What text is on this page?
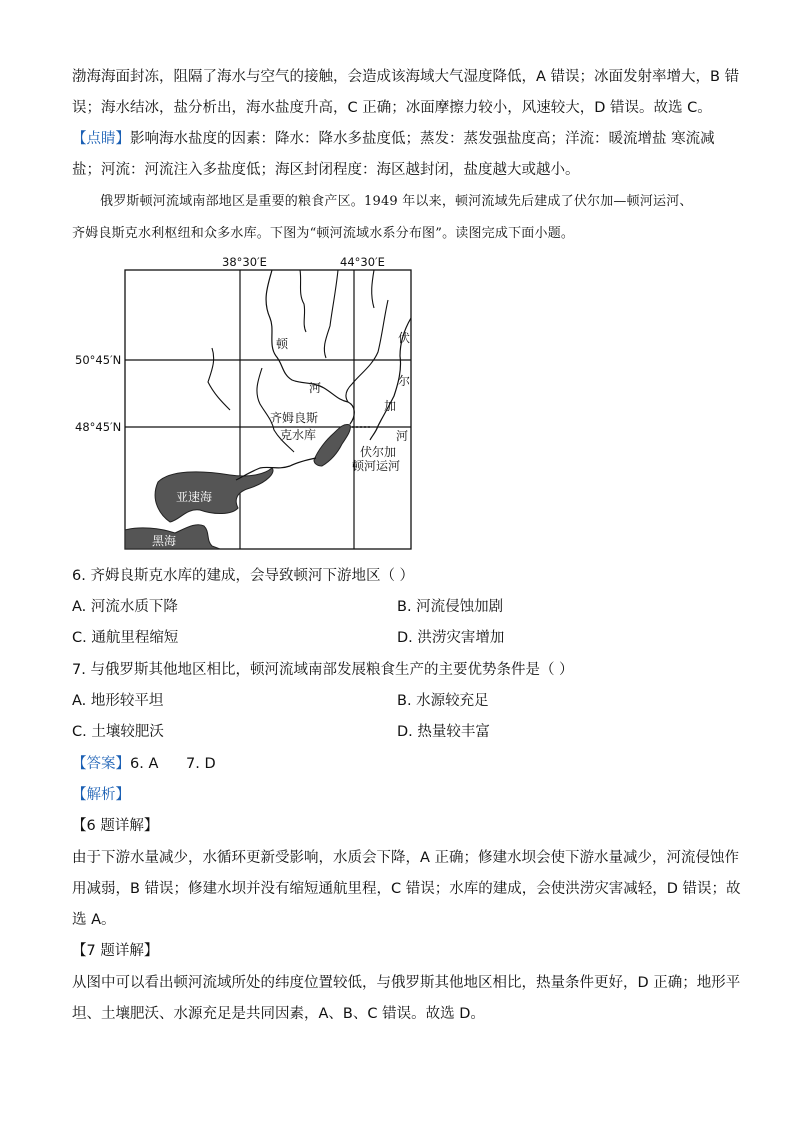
渤海海面封冻，阻隔了海水与空气的接触，会造成该海域大气湿度降低，A 错误；冰面发射率增大，B 错
误；海水结冰，盐分析出，海水盐度升高，C 正确；冰面摩擦力较小，风速较大，D 错误。故选 C。
【点睛】影响海水盐度的因素：降水：降水多盐度低；蒸发：蒸发强盐度高；洋流：暖流增盐 寒流减
盐；河流：河流注入多盐度低；海区封闭程度：海区越封闭，盐度越大或越小。
俄罗斯顿河流域南部地区是重要的粮食产区。1949 年以来，顿河流域先后建成了伏尔加—顿河运河、
齐姆良斯克水利枢纽和众多水库。下图为“顿河流域水系分布图”。读图完成下面小题。
38°30′E	44°30′E
50°45′N
48°45′N
顿
河
伏
尔
加
河
齐姆良斯
克水库
伏尔加
顿河运河
亚速海
黑海
6. 齐姆良斯克水库的建成，会导致顿河下游地区（ ）
A. 河流水质下降	B. 河流侵蚀加剧
C. 通航里程缩短	D. 洪涝灾害增加
7. 与俄罗斯其他地区相比，顿河流域南部发展粮食生产的主要优势条件是（ ）
A. 地形较平坦	B. 水源较充足
C. 土壤较肥沃	D. 热量较丰富
【答案】6. A      7. D
【解析】
【6 题详解】
由于下游水量减少，水循环更新受影响，水质会下降，A 正确；修建水坝会使下游水量减少，河流侵蚀作
用减弱，B 错误；修建水坝并没有缩短通航里程，C 错误；水库的建成，会使洪涝灾害减轻，D 错误；故
选 A。
【7 题详解】
从图中可以看出顿河流域所处的纬度位置较低，与俄罗斯其他地区相比，热量条件更好，D 正确；地形平
坦、土壤肥沃、水源充足是共同因素，A、B、C 错误。故选 D。
